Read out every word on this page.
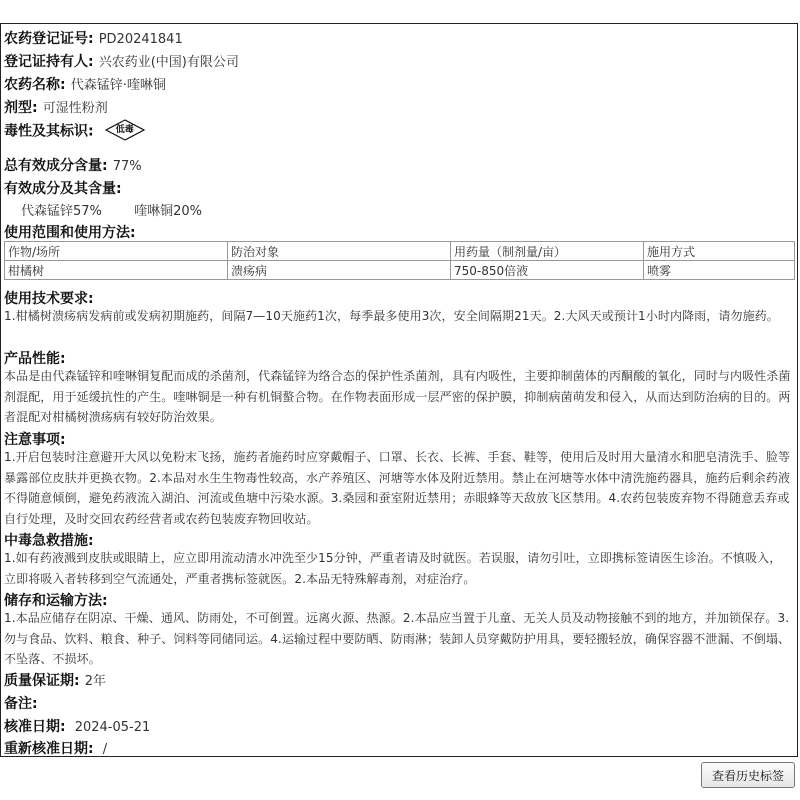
农药登记证号: PD20241841
登记证持有人: 兴农药业(中国)有限公司
农药名称: 代森锰锌·喹啉铜
剂型: 可湿性粉剂
毒性及其标识:	低毒
总有效成分含量: 77%
有效成分及其含量:
代森锰锌57% 喹啉铜20%
使用范围和使用方法:
作物/场所	防治对象	用药量（制剂量/亩）	施用方式
柑橘树	溃疡病	750-850倍液	喷雾
使用技术要求:
1.柑橘树溃疡病发病前或发病初期施药，间隔7—10天施药1次，每季最多使用3次，安全间隔期21天。2.大风天或预计1小时内降雨，请勿施药。
产品性能:
本品是由代森锰锌和喹啉铜复配而成的杀菌剂，代森锰锌为络合态的保护性杀菌剂，具有内吸性，主要抑制菌体的丙酮酸的氧化，同时与内吸性杀菌剂混配，用于延缓抗性的产生。喹啉铜是一种有机铜螯合物。在作物表面形成一层严密的保护膜，抑制病菌萌发和侵入，从而达到防治病的目的。两者混配对柑橘树溃疡病有较好防治效果。
注意事项:
1.开启包装时注意避开大风以免粉末飞扬，施药者施药时应穿戴帽子、口罩、长衣、长裤、手套、鞋等，使用后及时用大量清水和肥皂清洗手、脸等暴露部位皮肤并更换衣物。2.本品对水生生物毒性较高，水产养殖区、河塘等水体及附近禁用。禁止在河塘等水体中清洗施药器具，施药后剩余药液不得随意倾倒，避免药液流入湖泊、河流或鱼塘中污染水源。3.桑园和蚕室附近禁用；赤眼蜂等天敌放飞区禁用。4.农药包装废弃物不得随意丢弃或自行处理，及时交回农药经营者或农药包装废弃物回收站。
中毒急救措施:
1.如有药液溅到皮肤或眼睛上，应立即用流动清水冲洗至少15分钟，严重者请及时就医。若误服，请勿引吐，立即携标签请医生诊治。不慎吸入，立即将吸入者转移到空气流通处，严重者携标签就医。2.本品无特殊解毒剂，对症治疗。
储存和运输方法:
1.本品应储存在阴凉、干燥、通风、防雨处，不可倒置。远离火源、热源。2.本品应当置于儿童、无关人员及动物接触不到的地方，并加锁保存。3.勿与食品、饮料、粮食、种子、饲料等同储同运。4.运输过程中要防晒、防雨淋；装卸人员穿戴防护用具，要轻搬轻放，确保容器不泄漏、不倒塌、不坠落、不损坏。
质量保证期: 2年
备注:
核准日期: 2024-05-21
重新核准日期: /
查看历史标签
